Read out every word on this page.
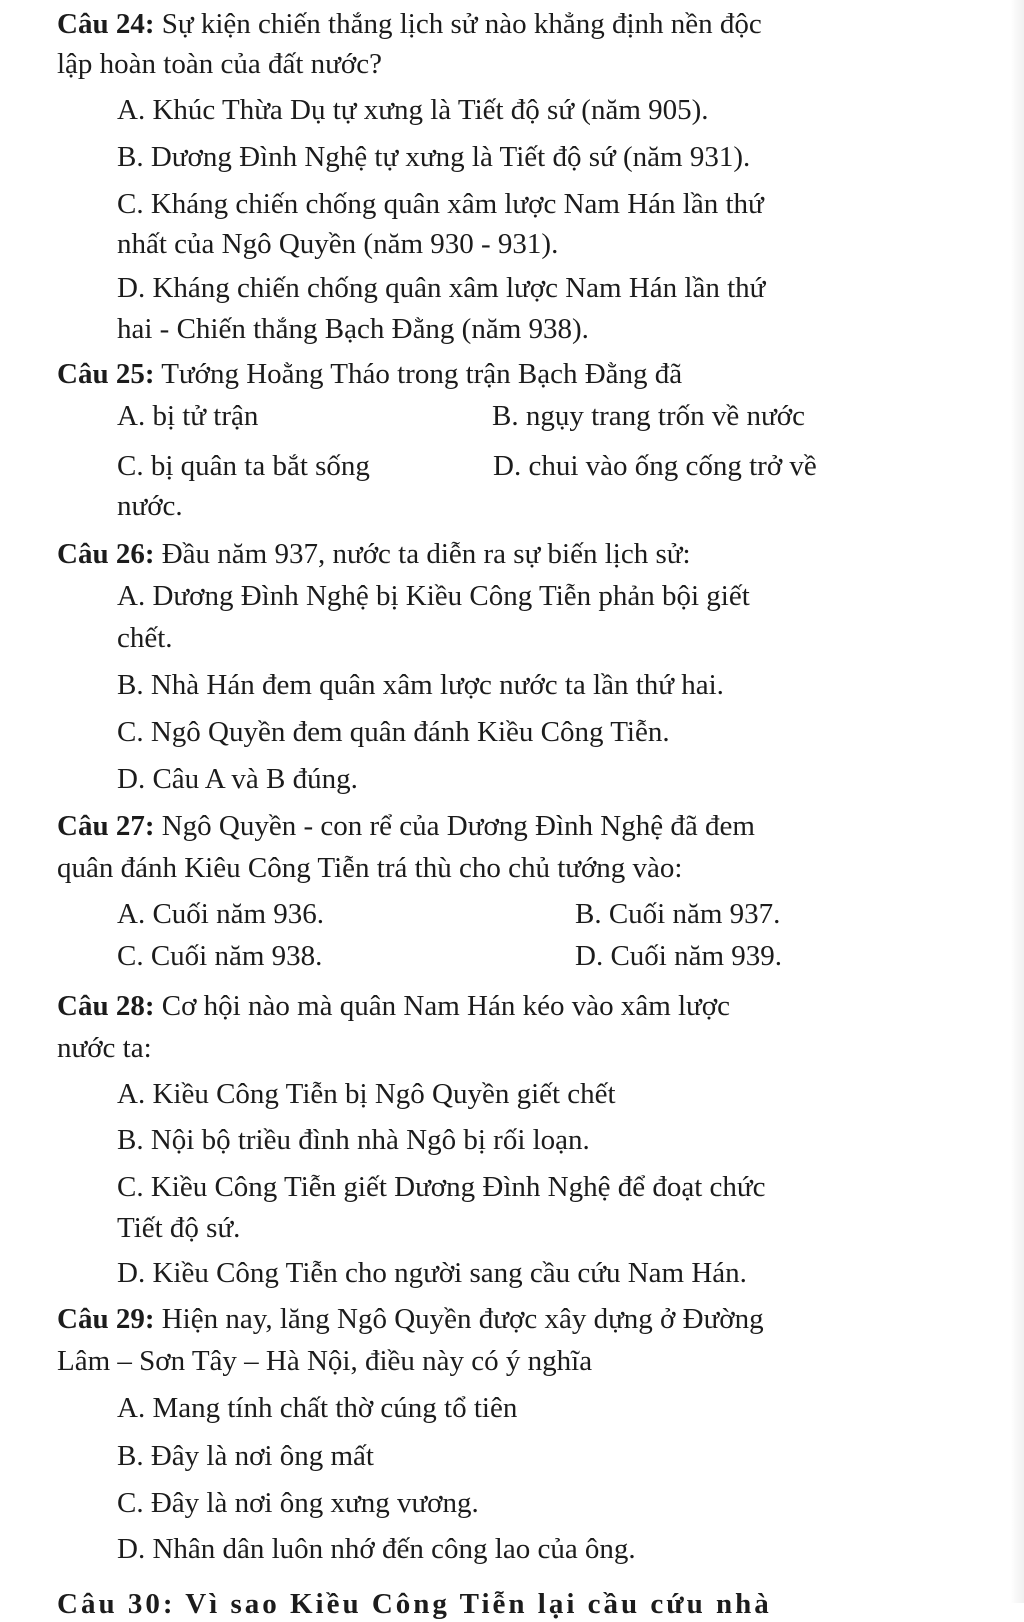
Câu 24: Sự kiện chiến thắng lịch sử nào khẳng định nền độc
lập hoàn toàn của đất nước?
A. Khúc Thừa Dụ tự xưng là Tiết độ sứ (năm 905).
B. Dương Đình Nghệ tự xưng là Tiết độ sứ (năm 931).
C. Kháng chiến chống quân xâm lược Nam Hán lần thứ
nhất của Ngô Quyền (năm 930 - 931).
D. Kháng chiến chống quân xâm lược Nam Hán lần thứ
hai - Chiến thắng Bạch Đằng (năm 938).
Câu 25: Tướng Hoằng Tháo trong trận Bạch Đằng đã
A. bị tử trận	B. ngụy trang trốn về nước
C. bị quân ta bắt sống	D. chui vào ống cống trở về
nước.
Câu 26: Đầu năm 937, nước ta diễn ra sự biến lịch sử:
A. Dương Đình Nghệ bị Kiều Công Tiễn phản bội giết
chết.
B. Nhà Hán đem quân xâm lược nước ta lần thứ hai.
C. Ngô Quyền đem quân đánh Kiều Công Tiễn.
D. Câu A và B đúng.
Câu 27: Ngô Quyền - con rể của Dương Đình Nghệ đã đem
quân đánh Kiêu Công Tiễn trá thù cho chủ tướng vào:
A. Cuối năm 936.	B. Cuối năm 937.
C. Cuối năm 938.	D. Cuối năm 939.
Câu 28: Cơ hội nào mà quân Nam Hán kéo vào xâm lược
nước ta:
A. Kiều Công Tiễn bị Ngô Quyền giết chết
B. Nội bộ triều đình nhà Ngô bị rối loạn.
C. Kiều Công Tiễn giết Dương Đình Nghệ để đoạt chức
Tiết độ sứ.
D. Kiều Công Tiễn cho người sang cầu cứu Nam Hán.
Câu 29: Hiện nay, lăng Ngô Quyền được xây dựng ở Đường
Lâm – Sơn Tây – Hà Nội, điều này có ý nghĩa
A. Mang tính chất thờ cúng tổ tiên
B. Đây là nơi ông mất
C. Đây là nơi ông xưng vương.
D. Nhân dân luôn nhớ đến công lao của ông.
Câu 30: Vì sao Kiều Công Tiễn lại cầu cứu nhà
